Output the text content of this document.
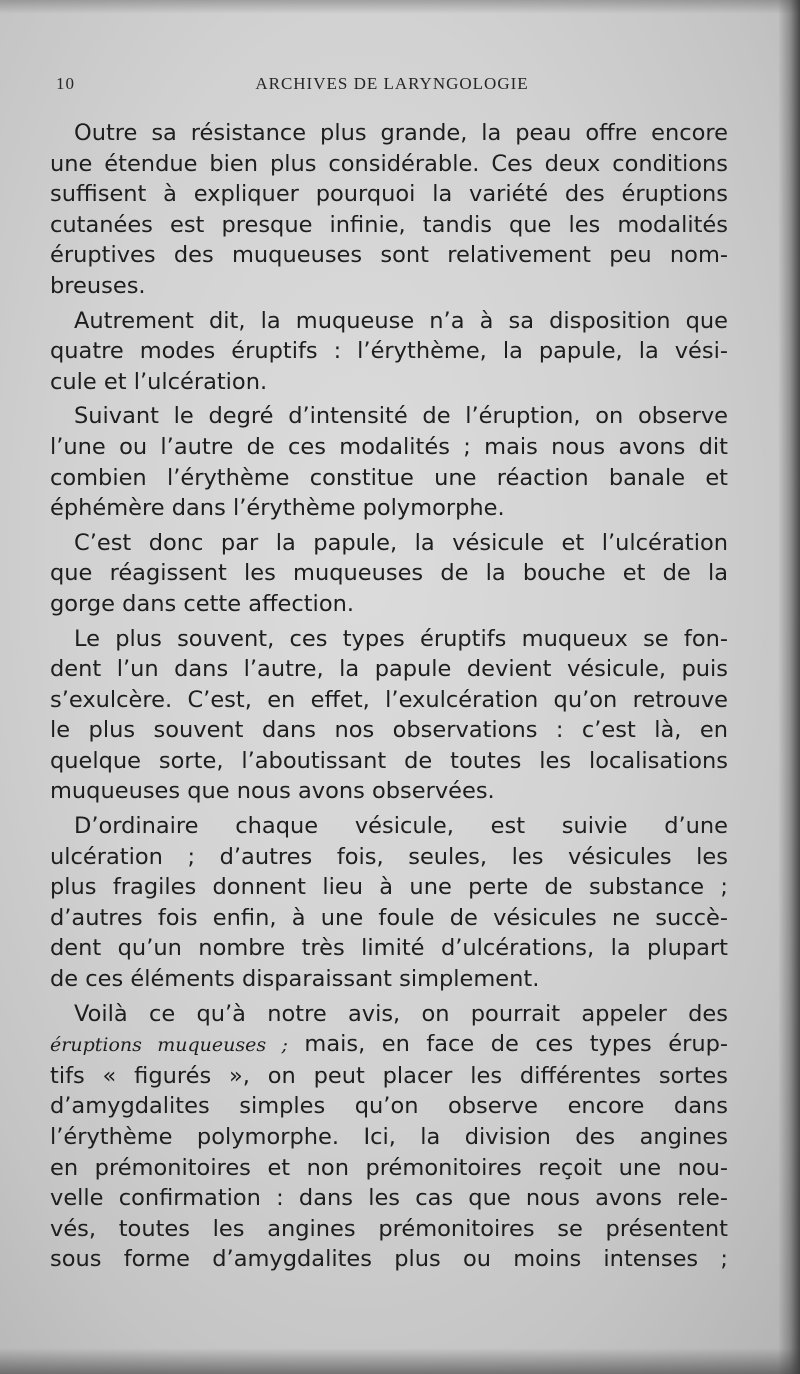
10	ARCHIVES DE LARYNGOLOGIE
Outre sa résistance plus grande, la peau offre encore
une étendue bien plus considérable. Ces deux conditions
suffisent à expliquer pourquoi la variété des éruptions
cutanées est presque infinie, tandis que les modalités
éruptives des muqueuses sont relativement peu nom-
breuses.
Autrement dit, la muqueuse n’a à sa disposition que
quatre modes éruptifs : l’érythème, la papule, la vési-
cule et l’ulcération.
Suivant le degré d’intensité de l’éruption, on observe
l’une ou l’autre de ces modalités ; mais nous avons dit
combien l’érythème constitue une réaction banale et
éphémère dans l’érythème polymorphe.
C’est donc par la papule, la vésicule et l’ulcération
que réagissent les muqueuses de la bouche et de la
gorge dans cette affection.
Le plus souvent, ces types éruptifs muqueux se fon-
dent l’un dans l’autre, la papule devient vésicule, puis
s’exulcère. C’est, en effet, l’exulcération qu’on retrouve
le plus souvent dans nos observations : c’est là, en
quelque sorte, l’aboutissant de toutes les localisations
muqueuses que nous avons observées.
D’ordinaire chaque vésicule, est suivie d’une
ulcération ; d’autres fois, seules, les vésicules les
plus fragiles donnent lieu à une perte de substance ;
d’autres fois enfin, à une foule de vésicules ne succè-
dent qu’un nombre très limité d’ulcérations, la plupart
de ces éléments disparaissant simplement.
Voilà ce qu’à notre avis, on pourrait appeler des
éruptions muqueuses ; mais, en face de ces types érup-
tifs « figurés », on peut placer les différentes sortes
d’amygdalites simples qu’on observe encore dans
l’érythème polymorphe. Ici, la division des angines
en prémonitoires et non prémonitoires reçoit une nou-
velle confirmation : dans les cas que nous avons rele-
vés, toutes les angines prémonitoires se présentent
sous forme d’amygdalites plus ou moins intenses ;
